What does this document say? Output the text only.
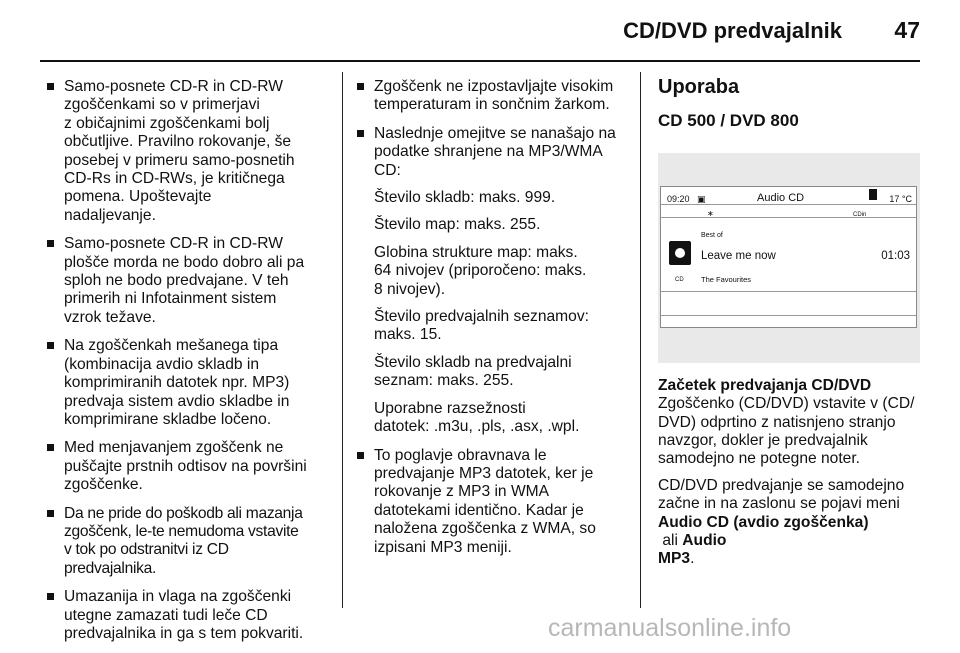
CD/DVD predvajalnik 47
Samo-posnete CD-R in CD-RW
zgoščenkami so v primerjavi
z običajnimi zgoščenkami bolj
občutljive. Pravilno rokovanje, še
posebej v primeru samo-posnetih
CD-Rs in CD-RWs, je kritičnega
pomena. Upoštevajte
nadaljevanje.
Samo-posnete CD-R in CD-RW
plošče morda ne bodo dobro ali pa
sploh ne bodo predvajane. V teh
primerih ni Infotainment sistem
vzrok težave.
Na zgoščenkah mešanega tipa
(kombinacija avdio skladb in
komprimiranih datotek npr. MP3)
predvaja sistem avdio skladbe in
komprimirane skladbe ločeno.
Med menjavanjem zgoščenk ne
puščajte prstnih odtisov na površini
zgoščenke.
Da ne pride do poškodb ali mazanja
zgoščenk, le-te nemudoma vstavite
v tok po odstranitvi iz CD
predvajalnika.
Umazanija in vlaga na zgoščenki
utegne zamazati tudi leče CD
predvajalnika in ga s tem pokvariti.
Zgoščenk ne izpostavljajte visokim
temperaturam in sončnim žarkom.

Naslednje omejitve se nanašajo na
podatke shranjene na MP3/WMA
CD:

Število skladb: maks. 999.

Število map: maks. 255.

Globina strukture map: maks.
64 nivojev (priporočeno: maks.
8 nivojev).

Število predvajalnih seznamov:
maks. 15.

Število skladb na predvajalni
seznam: maks. 255.

Uporabne razsežnosti
datotek: .m3u, .pls, .asx, .wpl.

To poglavje obravnava le
predvajanje MP3 datotek, ker je
rokovanje z MP3 in WMA
datotekami identično. Kadar je
naložena zgoščenka z WMA, so
izpisani MP3 meniji.
Uporaba
CD 500 / DVD 800
09:20 ▣	Audio CD	17 °C
∗	CDin
Best of
CD
Leave me now	01:03
The Favourites

Začetek predvajanja CD/DVD

Zgoščenko (CD/DVD) vstavite v (CD/
DVD) odprtino z natisnjeno stranjo
navzgor, dokler je predvajalnik
samodejno ne potegne noter.

CD/DVD predvajanje se samodejno
začne in na zaslonu se pojavi meni
Audio CD (avdio zgoščenka) ali Audio
MP3.

carmanualsonline.info
